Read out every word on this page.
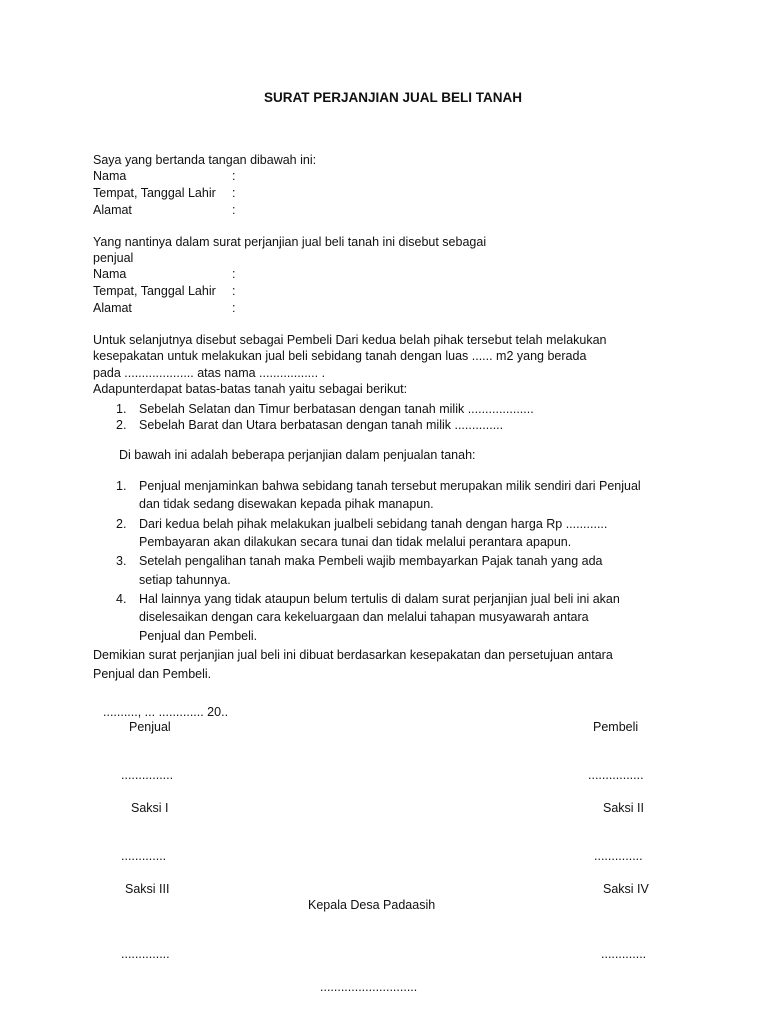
SURAT PERJANJIAN JUAL BELI TANAH
Saya yang bertanda tangan dibawah ini:
Nama	:
Tempat, Tanggal Lahir :
Alamat	:
Yang nantinya dalam surat perjanjian jual beli tanah ini disebut sebagai
penjual
Nama	:
Tempat, Tanggal Lahir :
Alamat	:
Untuk selanjutnya disebut sebagai Pembeli Dari kedua belah pihak tersebut telah melakukan
kesepakatan untuk melakukan jual beli sebidang tanah dengan luas ...... m2 yang berada
pada .................... atas nama ................. .
Adapunterdapat batas-batas tanah yaitu sebagai berikut:
1. Sebelah Selatan dan Timur berbatasan dengan tanah milik ...................
2. Sebelah Barat dan Utara berbatasan dengan tanah milik ..............
Di bawah ini adalah beberapa perjanjian dalam penjualan tanah:
1. Penjual menjaminkan bahwa sebidang tanah tersebut merupakan milik sendiri dari Penjual
dan tidak sedang disewakan kepada pihak manapun.
2. Dari kedua belah pihak melakukan jualbeli sebidang tanah dengan harga Rp ............
Pembayaran akan dilakukan secara tunai dan tidak melalui perantara apapun.
3. Setelah pengalihan tanah maka Pembeli wajib membayarkan Pajak tanah yang ada
setiap tahunnya.
4. Hal lainnya yang tidak ataupun belum tertulis di dalam surat perjanjian jual beli ini akan
diselesaikan dengan cara kekeluargaan dan melalui tahapan musyawarah antara
Penjual dan Pembeli.
Demikian surat perjanjian jual beli ini dibuat berdasarkan kesepakatan dan persetujuan antara
Penjual dan Pembeli.
.........., ... ............. 20..
Penjual	Pembeli
...............	................
Saksi I	Saksi II
.............	..............
Saksi III	Saksi IV
Kepala Desa Padaasih
..............	.............
............................
